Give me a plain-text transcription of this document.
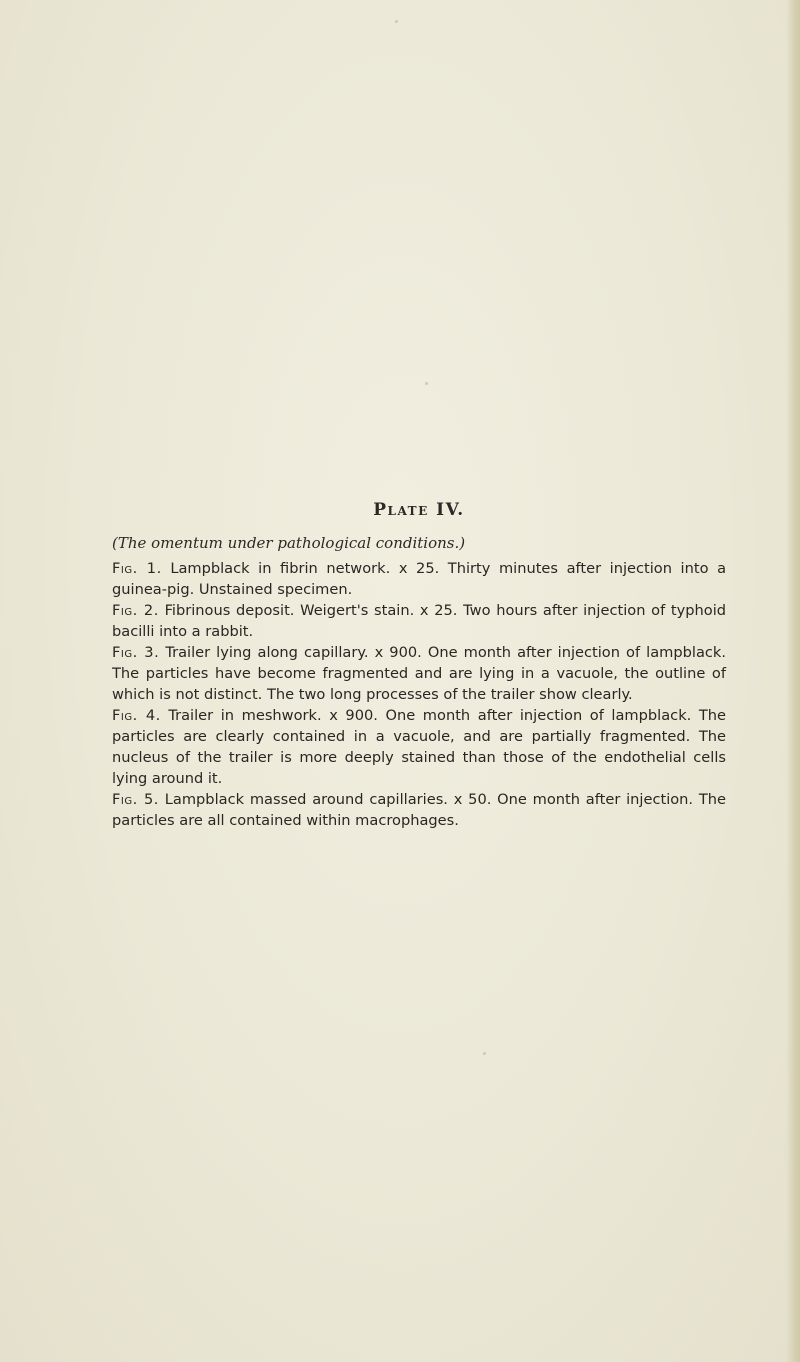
Plate IV.

(The omentum under pathological conditions.)

Fig. 1. Lampblack in fibrin network. x 25. Thirty minutes after injection into a guinea-pig. Unstained specimen.

Fig. 2. Fibrinous deposit. Weigert's stain. x 25. Two hours after injection of typhoid bacilli into a rabbit.

Fig. 3. Trailer lying along capillary. x 900. One month after injection of lampblack. The particles have become fragmented and are lying in a vacuole, the outline of which is not distinct. The two long processes of the trailer show clearly.

Fig. 4. Trailer in meshwork. x 900. One month after injection of lampblack. The particles are clearly contained in a vacuole, and are partially fragmented. The nucleus of the trailer is more deeply stained than those of the endothelial cells lying around it.

Fig. 5. Lampblack massed around capillaries. x 50. One month after injection. The particles are all contained within macrophages.
